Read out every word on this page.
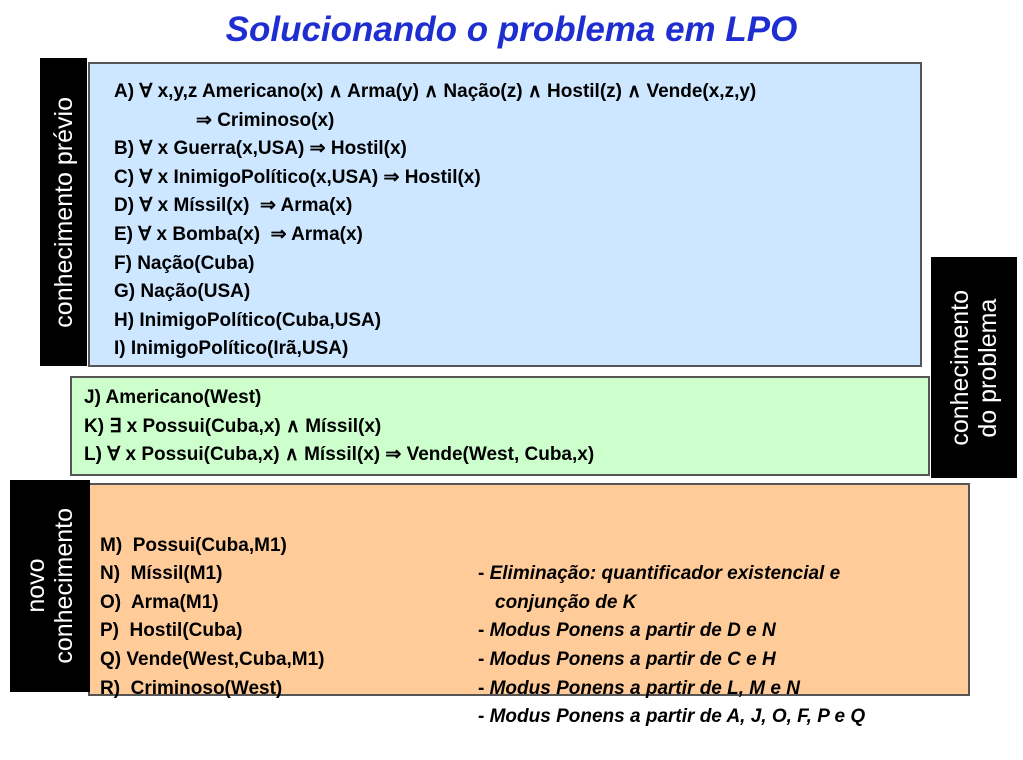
Solucionando o problema em LPO
A) ∀ x,y,z Americano(x) ∧ Arma(y) ∧ Nação(z) ∧ Hostil(z) ∧ Vende(x,z,y)
⇒ Criminoso(x)
B) ∀ x Guerra(x,USA) ⇒ Hostil(x)
C) ∀ x InimigoPolítico(x,USA) ⇒ Hostil(x)
D) ∀ x Míssil(x)  ⇒ Arma(x)
E) ∀ x Bomba(x)  ⇒ Arma(x)
F) Nação(Cuba)
G) Nação(USA)
H) InimigoPolítico(Cuba,USA)
I) InimigoPolítico(Irã,USA)
J) Americano(West)
K) ∃ x Possui(Cuba,x) ∧ Míssil(x)
L) ∀ x Possui(Cuba,x) ∧ Míssil(x) ⇒ Vende(West, Cuba,x)

M)  Possui(Cuba,M1)

- Eliminação: quantificador existencial e

N)  Míssil(M1)

conjunção de K

O)  Arma(M1)

- Modus Ponens a partir de D e N

P)  Hostil(Cuba)

- Modus Ponens a partir de C e H

Q) Vende(West,Cuba,M1)

- Modus Ponens a partir de L, M e N

R)  Criminoso(West)

- Modus Ponens a partir de A, J, O, F, P e Q

conhecimento prévio
conhecimento do problema
novo conhecimento
